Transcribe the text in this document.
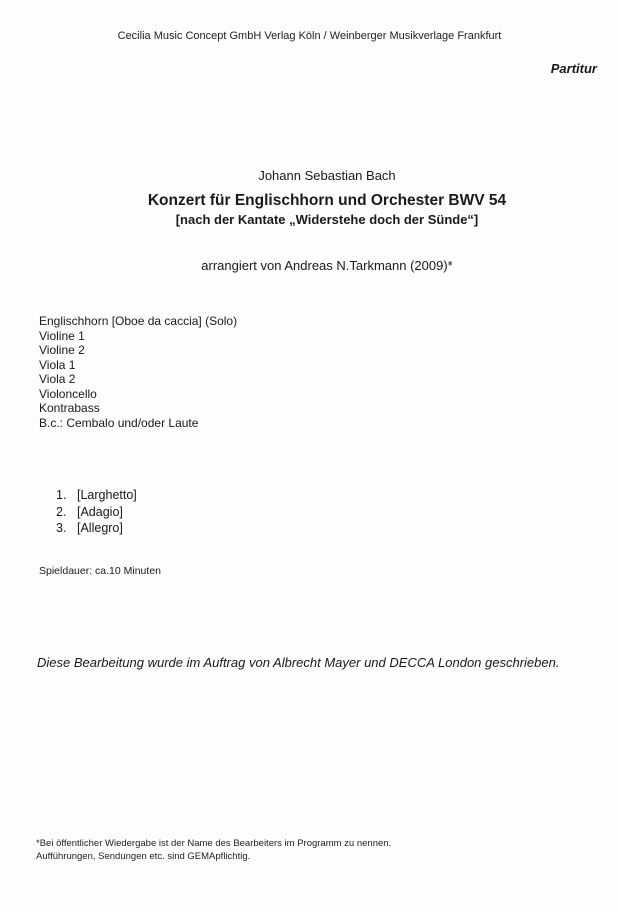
Cecilia Music Concept GmbH Verlag Köln / Weinberger Musikverlage Frankfurt
Partitur
Johann Sebastian Bach
Konzert für Englischhorn und Orchester BWV 54
[nach der Kantate „Widerstehe doch der Sünde“]
arrangiert von Andreas N.Tarkmann (2009)*
Englischhorn [Oboe da caccia] (Solo)
Violine 1
Violine 2
Viola 1
Viola 2
Violoncello
Kontrabass
B.c.: Cembalo und/oder Laute
1. [Larghetto]
2. [Adagio]
3. [Allegro]
Spieldauer: ca.10 Minuten
Diese Bearbeitung wurde im Auftrag von Albrecht Mayer und DECCA London geschrieben.
*Bei öffentlicher Wiedergabe ist der Name des Bearbeiters im Programm zu nennen.
Aufführungen, Sendungen etc. sind GEMApflichtig.
